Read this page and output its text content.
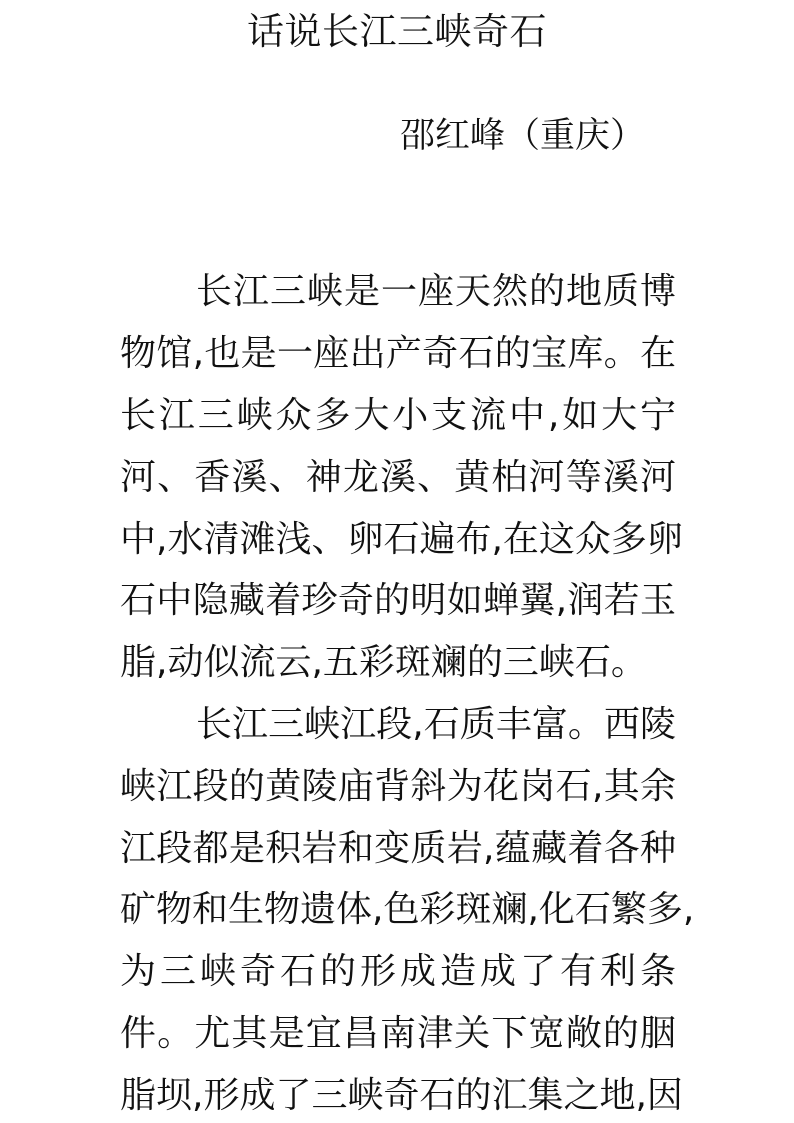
话说长江三峡奇石
邵红峰（重庆）
长江三峡是一座天然的地质博
物馆,也是一座出产奇石的宝库。在
长江三峡众多大小支流中,如大宁
河、香溪、神龙溪、黄柏河等溪河
中,水清滩浅、卵石遍布,在这众多卵
石中隐藏着珍奇的明如蝉翼,润若玉
脂,动似流云,五彩斑斓的三峡石。
长江三峡江段,石质丰富。西陵
峡江段的黄陵庙背斜为花岗石,其余
江段都是积岩和变质岩,蕴藏着各种
矿物和生物遗体,色彩斑斓,化石繁多,
为三峡奇石的形成造成了有利条
件。尤其是宜昌南津关下宽敞的胭
脂坝,形成了三峡奇石的汇集之地,因
